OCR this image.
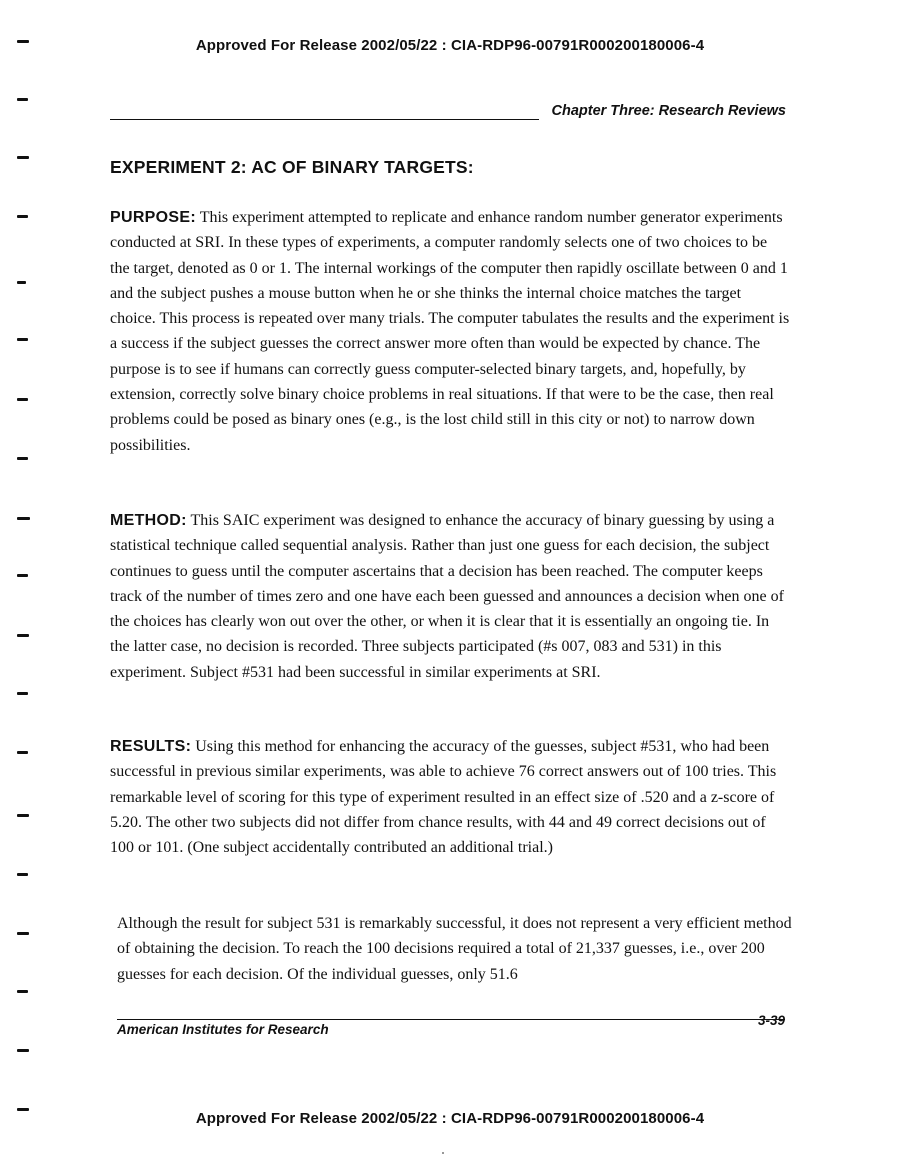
Approved For Release 2002/05/22 : CIA-RDP96-00791R000200180006-4
Chapter Three: Research Reviews
EXPERIMENT 2: AC OF BINARY TARGETS:
PURPOSE: This experiment attempted to replicate and enhance random number generator experiments conducted at SRI. In these types of experiments, a computer randomly selects one of two choices to be the target, denoted as 0 or 1. The internal workings of the computer then rapidly oscillate between 0 and 1 and the subject pushes a mouse button when he or she thinks the internal choice matches the target choice. This process is repeated over many trials. The computer tabulates the results and the experiment is a success if the subject guesses the correct answer more often than would be expected by chance. The purpose is to see if humans can correctly guess computer-selected binary targets, and, hopefully, by extension, correctly solve binary choice problems in real situations. If that were to be the case, then real problems could be posed as binary ones (e.g., is the lost child still in this city or not) to narrow down possibilities.
METHOD: This SAIC experiment was designed to enhance the accuracy of binary guessing by using a statistical technique called sequential analysis. Rather than just one guess for each decision, the subject continues to guess until the computer ascertains that a decision has been reached. The computer keeps track of the number of times zero and one have each been guessed and announces a decision when one of the choices has clearly won out over the other, or when it is clear that it is essentially an ongoing tie. In the latter case, no decision is recorded. Three subjects participated (#s 007, 083 and 531) in this experiment. Subject #531 had been successful in similar experiments at SRI.
RESULTS: Using this method for enhancing the accuracy of the guesses, subject #531, who had been successful in previous similar experiments, was able to achieve 76 correct answers out of 100 tries. This remarkable level of scoring for this type of experiment resulted in an effect size of .520 and a z-score of 5.20. The other two subjects did not differ from chance results, with 44 and 49 correct decisions out of 100 or 101. (One subject accidentally contributed an additional trial.)
Although the result for subject 531 is remarkably successful, it does not represent a very efficient method of obtaining the decision. To reach the 100 decisions required a total of 21,337 guesses, i.e., over 200 guesses for each decision. Of the individual guesses, only 51.6
American Institutes for Research
3-39
Approved For Release 2002/05/22 : CIA-RDP96-00791R000200180006-4
